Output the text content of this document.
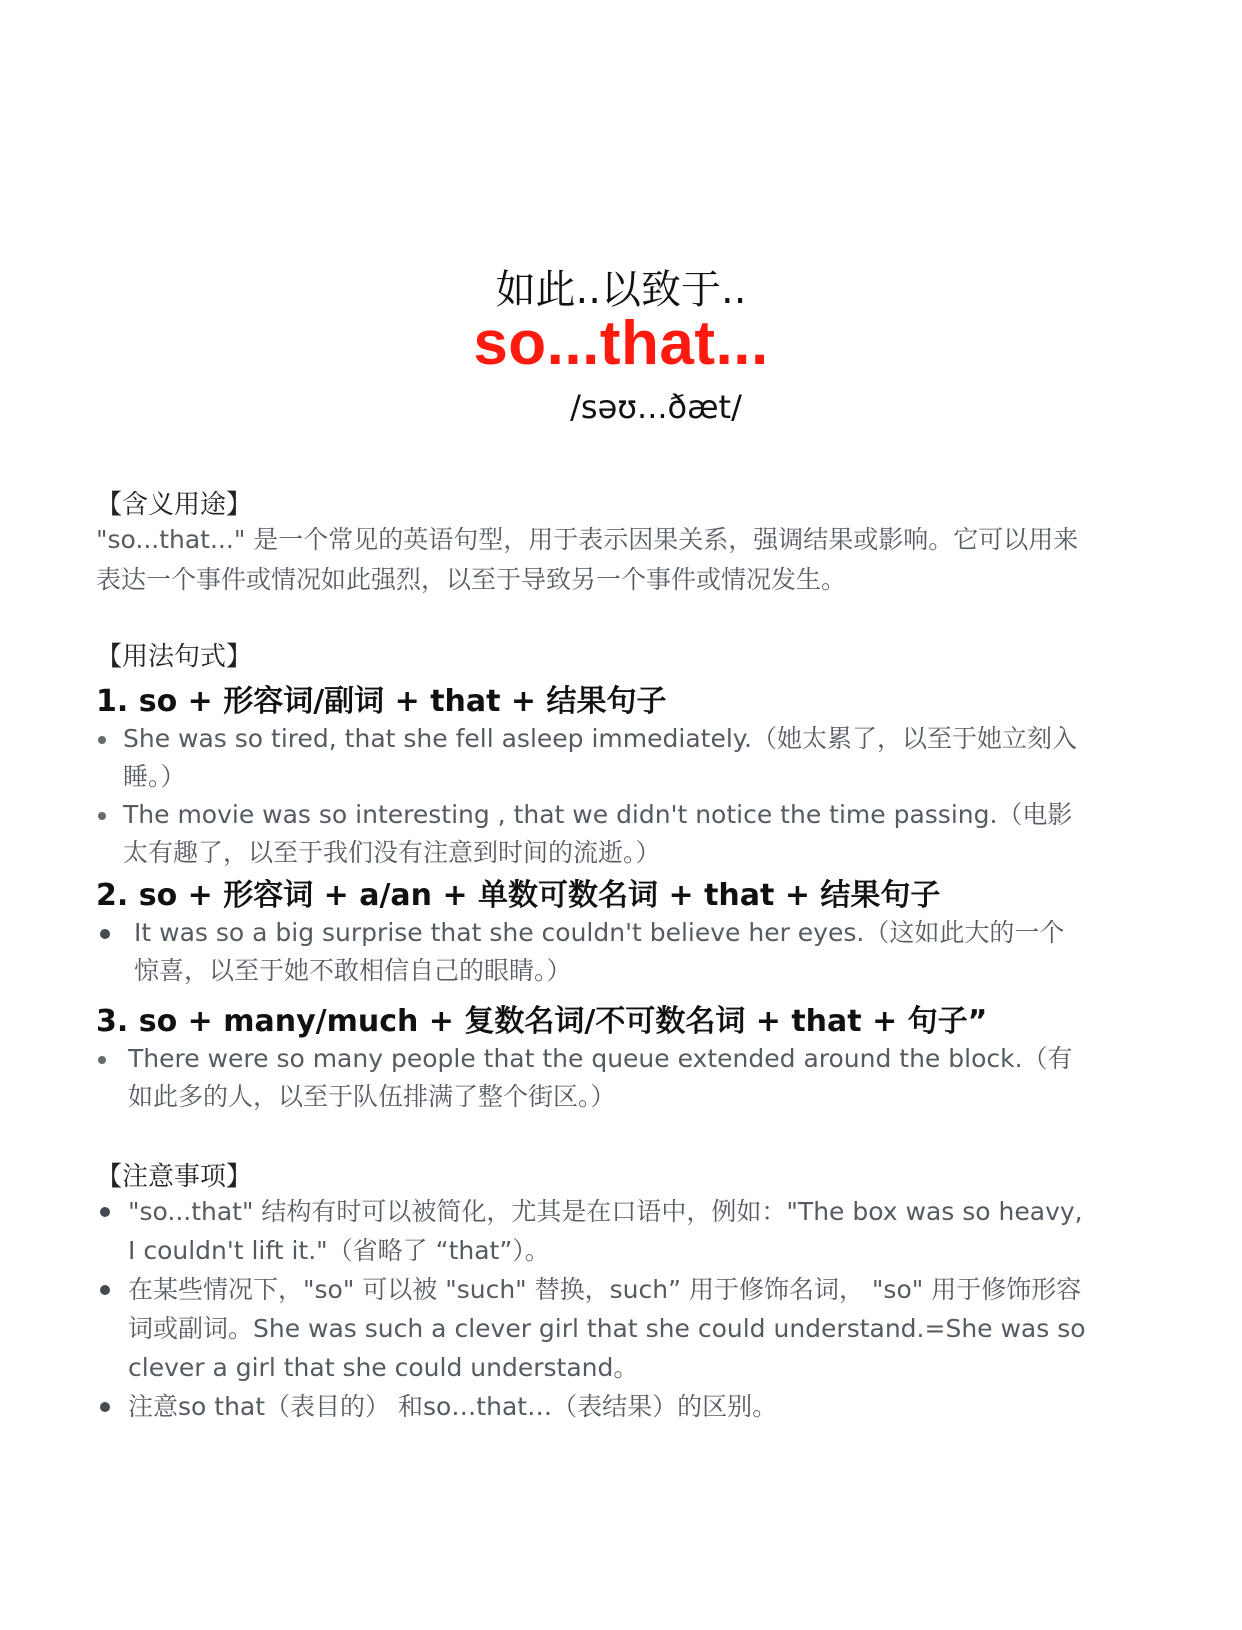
如此..以致于..
so...that...
/səʊ...ðæt/
【含义用途】
"so...that..." 是一个常见的英语句型，用于表示因果关系，强调结果或影响。它可以用来表达一个事件或情况如此强烈，以至于导致另一个事件或情况发生。
【用法句式】
1. so + 形容词/副词 + that + 结果句子
She was so tired, that she fell asleep immediately.（她太累了，以至于她立刻入睡。）
The movie was so interesting , that we didn't notice the time passing.（电影太有趣了，以至于我们没有注意到时间的流逝。）
2. so + 形容词 + a/an + 单数可数名词 + that + 结果句子
It was so a big surprise that she couldn't believe her eyes.（这如此大的一个惊喜，以至于她不敢相信自己的眼睛。）
3. so + many/much + 复数名词/不可数名词 + that + 句子”
There were so many people that the queue extended around the block.（有如此多的人，以至于队伍排满了整个街区。）
【注意事项】
"so...that" 结构有时可以被简化，尤其是在口语中，例如："The box was so heavy, I couldn't lift it."（省略了 “that”）。
在某些情况下，"so" 可以被 "such" 替换，such” 用于修饰名词， "so" 用于修饰形容词或副词。She was such a clever girl that she could understand.=She was so clever a girl that she could understand。
注意so that（表目的） 和so…that…（表结果）的区别。
